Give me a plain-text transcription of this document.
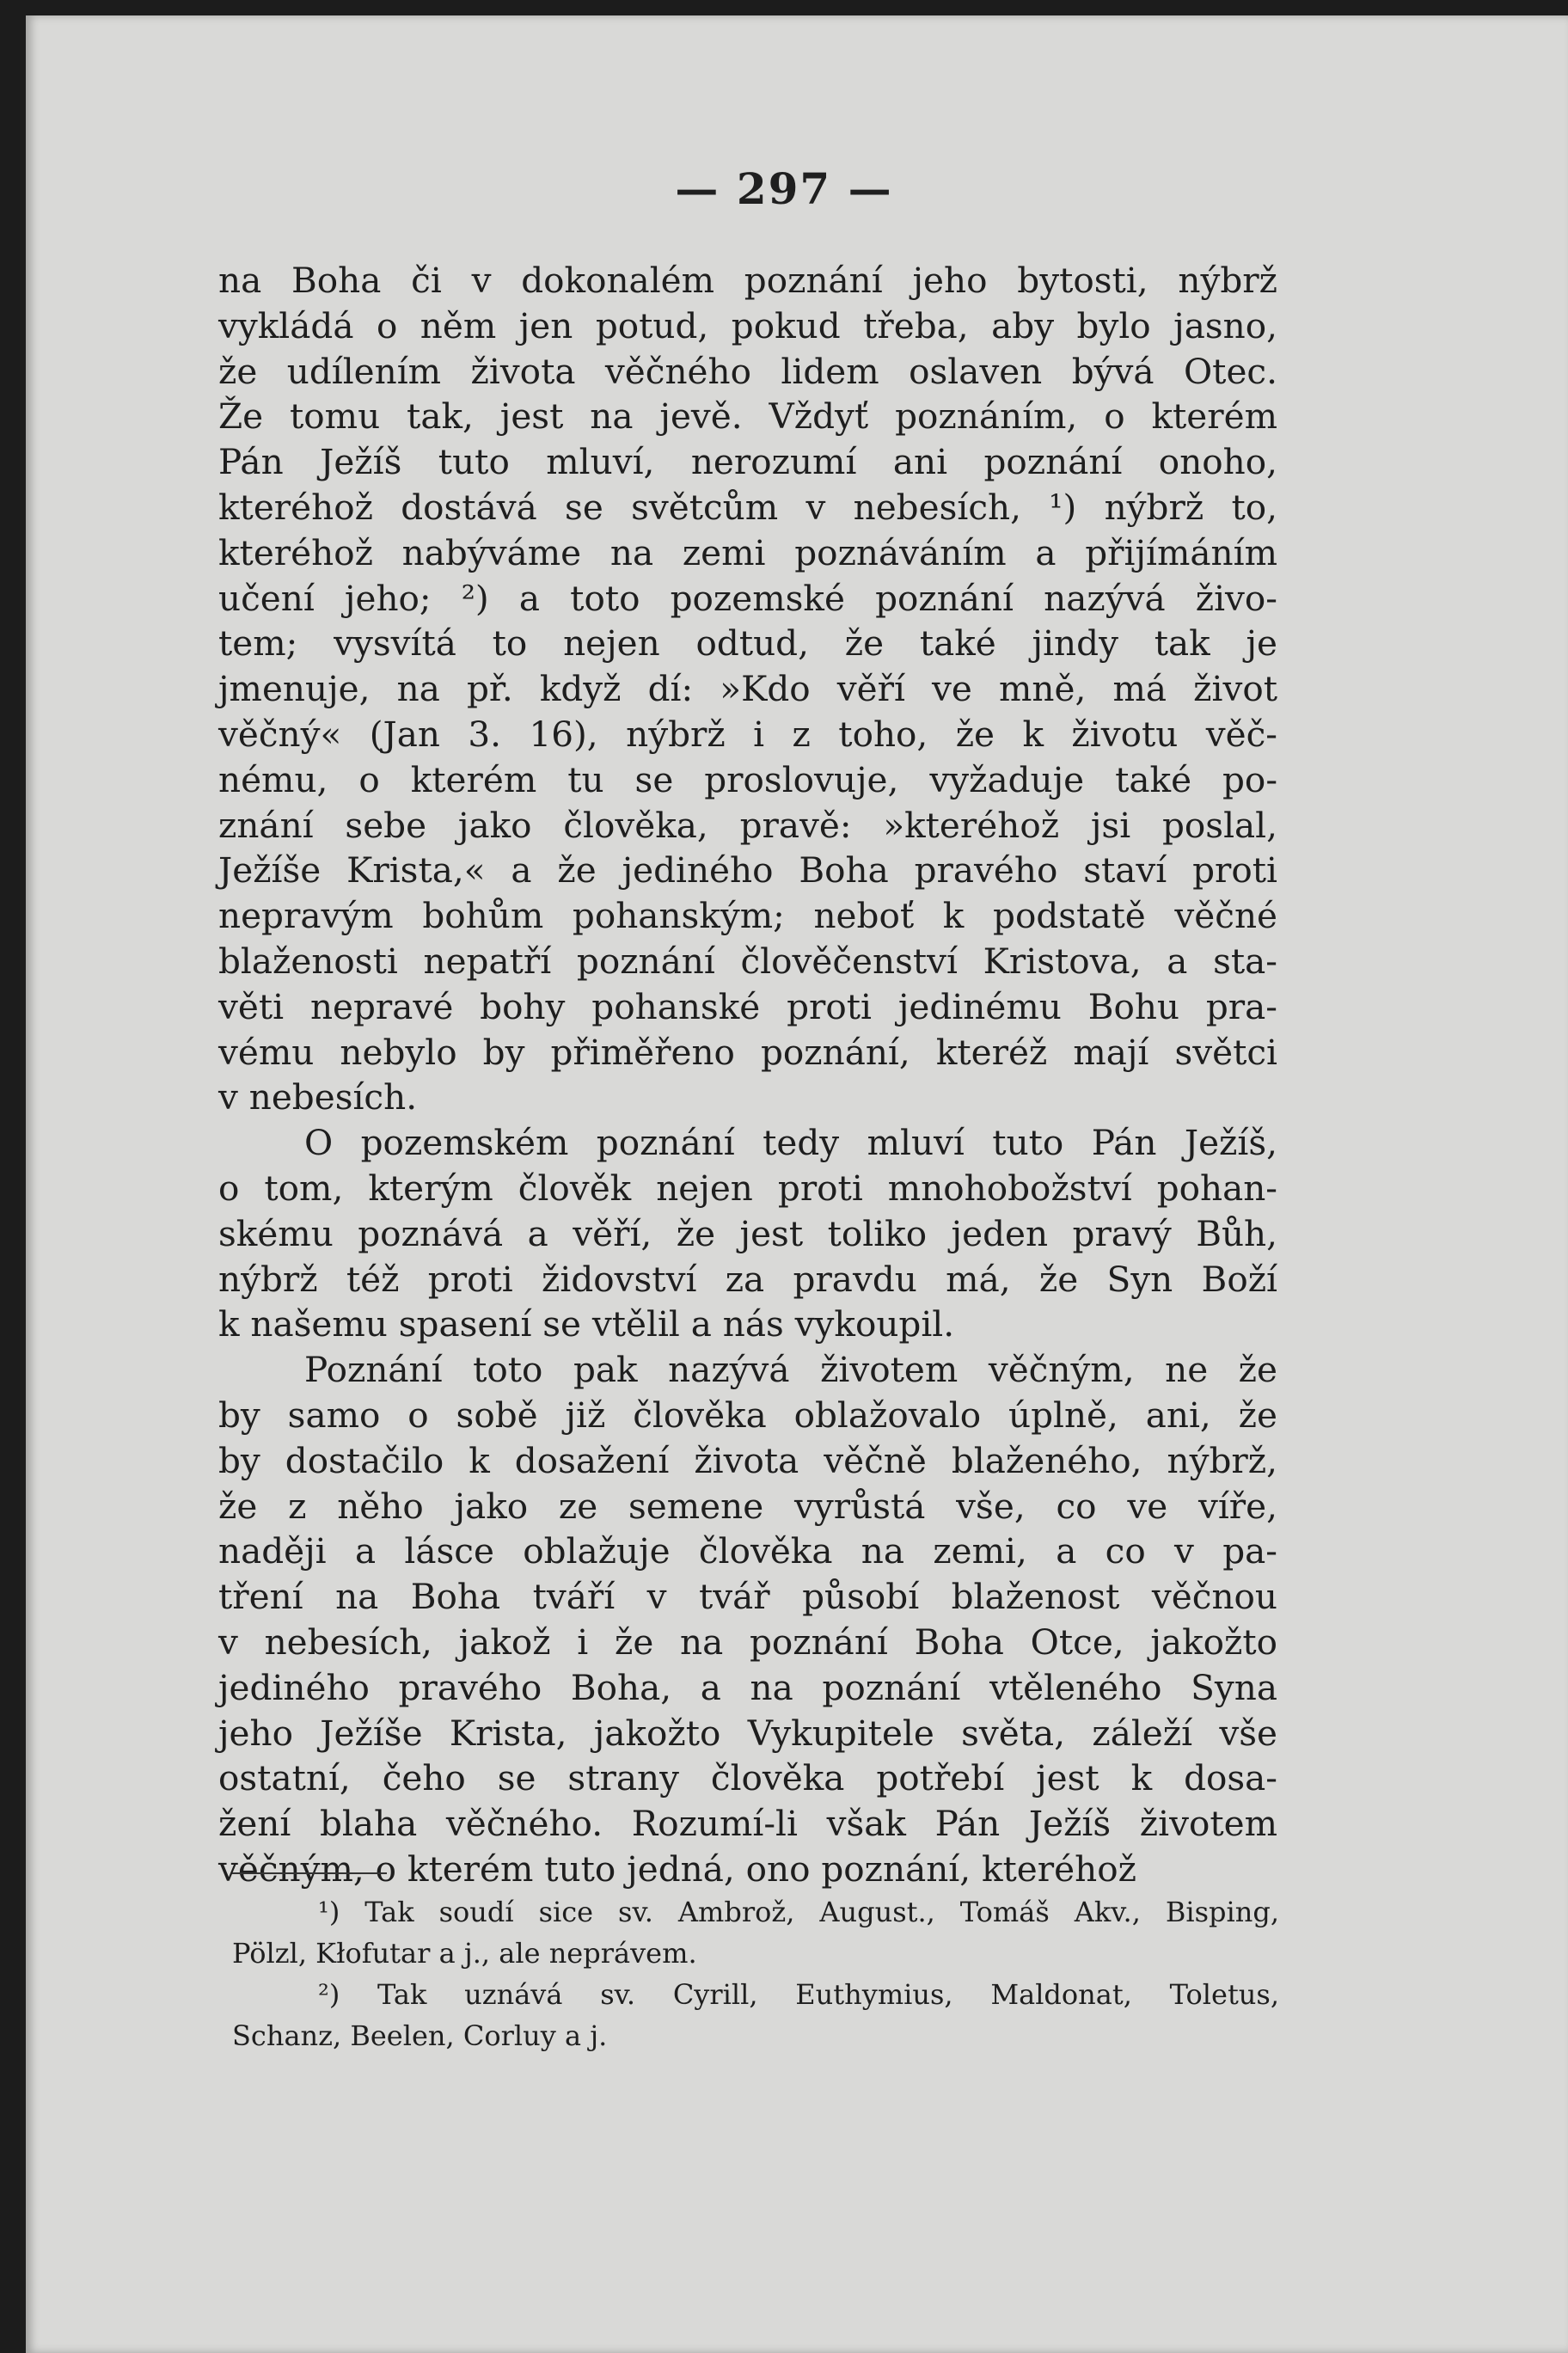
— 297 —
na Boha či v dokonalém poznání jeho bytosti, nýbrž
vykládá o něm jen potud, pokud třeba, aby bylo jasno,
že udílením života věčného lidem oslaven bývá Otec.
Že tomu tak, jest na jevě. Vždyť poznáním, o kterém
Pán Ježíš tuto mluví, nerozumí ani poznání onoho,
kteréhož dostává se světcům v nebesích, ¹) nýbrž to,
kteréhož nabýváme na zemi poznáváním a přijímáním
učení jeho; ²) a toto pozemské poznání nazývá živo-
tem; vysvítá to nejen odtud, že také jindy tak je
jmenuje, na př. když dí: »Kdo věří ve mně, má život
věčný« (Jan 3. 16), nýbrž i z toho, že k životu věč-
nému, o kterém tu se proslovuje, vyžaduje také po-
znání sebe jako člověka, pravě: »kteréhož jsi poslal,
Ježíše Krista,« a že jediného Boha pravého staví proti
nepravým bohům pohanským; neboť k podstatě věčné
blaženosti nepatří poznání člověčenství Kristova, a sta-
věti nepravé bohy pohanské proti jedinému Bohu pra-
vému nebylo by přiměřeno poznání, kteréž mají světci
v nebesích.
O pozemském poznání tedy mluví tuto Pán Ježíš,
o tom, kterým člověk nejen proti mnohobožství pohan-
skému poznává a věří, že jest toliko jeden pravý Bůh,
nýbrž též proti židovství za pravdu má, že Syn Boží
k našemu spasení se vtělil a nás vykoupil.
Poznání toto pak nazývá životem věčným, ne že
by samo o sobě již člověka oblažovalo úplně, ani, že
by dostačilo k dosažení života věčně blaženého, nýbrž,
že z něho jako ze semene vyrůstá vše, co ve víře,
naději a lásce oblažuje člověka na zemi, a co v pa-
tření na Boha tváří v tvář působí blaženost věčnou
v nebesích, jakož i že na poznání Boha Otce, jakožto
jediného pravého Boha, a na poznání vtěleného Syna
jeho Ježíše Krista, jakožto Vykupitele světa, záleží vše
ostatní, čeho se strany člověka potřebí jest k dosa-
žení blaha věčného. Rozumí-li však Pán Ježíš životem
věčným, o kterém tuto jedná, ono poznání, kteréhož
¹) Tak soudí sice sv. Ambrož, August., Tomáš Akv., Bisping,
Pölzl, Kłofutar a j., ale neprávem.
²) Tak uznává sv. Cyrill, Euthymius, Maldonat, Toletus,
Schanz, Beelen, Corluy a j.
